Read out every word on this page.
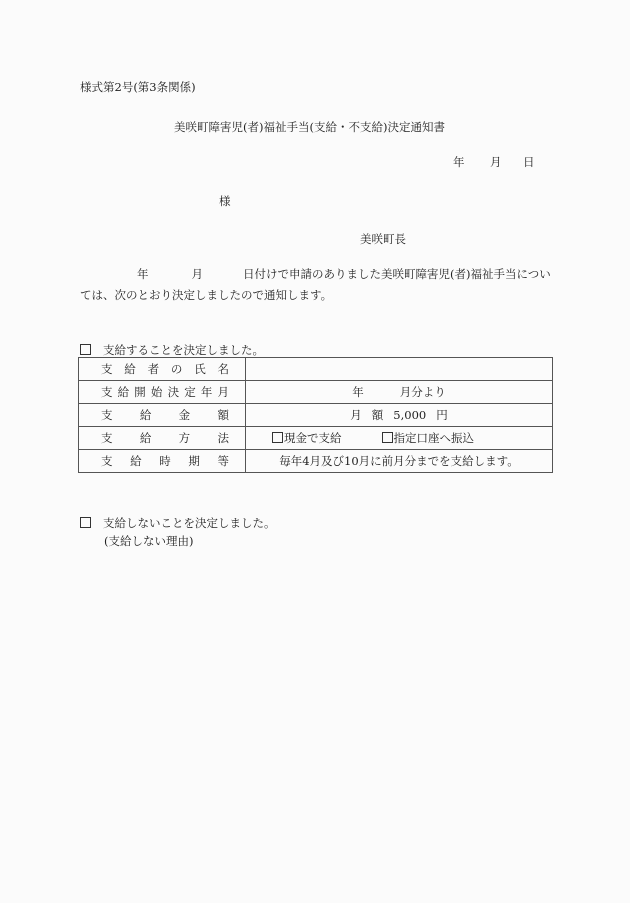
様式第2号(第3条関係)
美咲町障害児(者)福祉手当(支給・不支給)決定通知書
年 月 日
様
美咲町長
年	月	日付けで申請のありました美咲町障害児(者)福祉手当につい
ては、次のとおり決定しましたので通知します。
支給することを決定しました。
支給者の氏名	
支給開始決定年月	年 月分より
支給金額	月 額 5,000 円
支給方法	現金で支給 指定口座へ振込
支給時期等	毎年4月及び10月に前月分までを支給します。
支給しないことを決定しました。
(支給しない理由)
